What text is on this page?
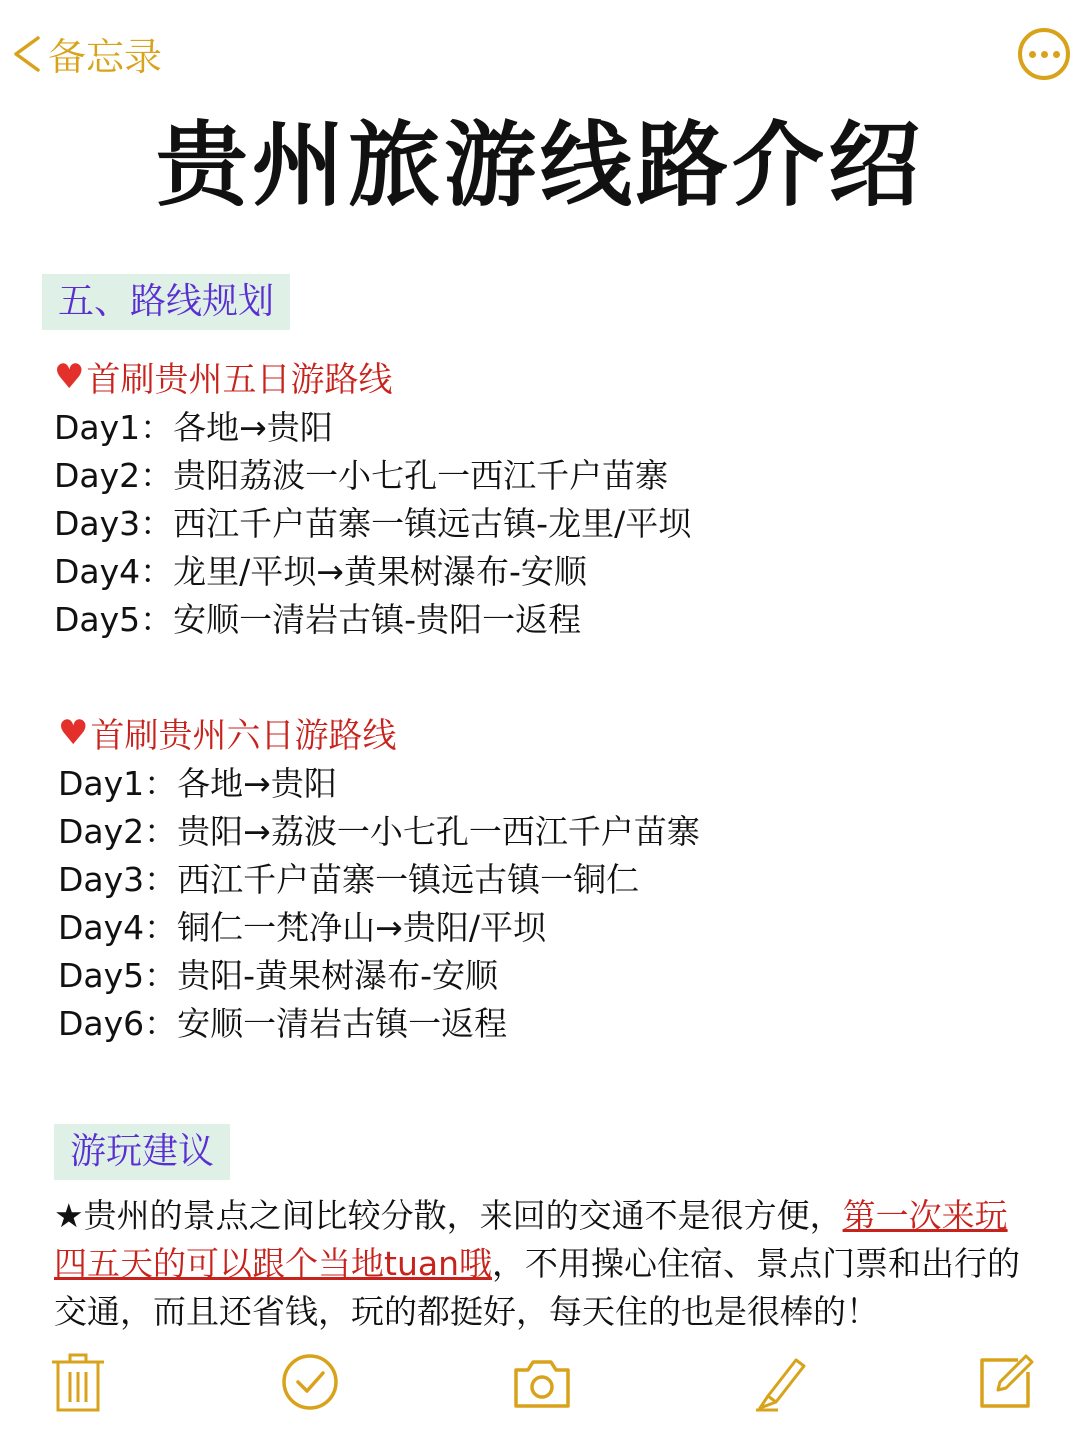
备忘录
贵州旅游线路介绍
五、路线规划
♥ 首刷贵州五日游路线
Day1：各地→贵阳
Day2：贵阳荔波一小七孔一西江千户苗寨
Day3：西江千户苗寨一镇远古镇-龙里/平坝
Day4：龙里/平坝→黄果树瀑布-安顺
Day5：安顺一清岩古镇-贵阳一返程
♥ 首刷贵州六日游路线
Day1：各地→贵阳
Day2：贵阳→荔波一小七孔一西江千户苗寨
Day3：西江千户苗寨一镇远古镇一铜仁
Day4：铜仁一梵净山→贵阳/平坝
Day5：贵阳-黄果树瀑布-安顺
Day6：安顺一清岩古镇一返程
游玩建议
★贵州的景点之间比较分散，来回的交通不是很方便，第一次来玩四五天的可以跟个当地tuan哦，不用操心住宿、景点门票和出行的交通，而且还省钱，玩的都挺好，每天住的也是很棒的！
